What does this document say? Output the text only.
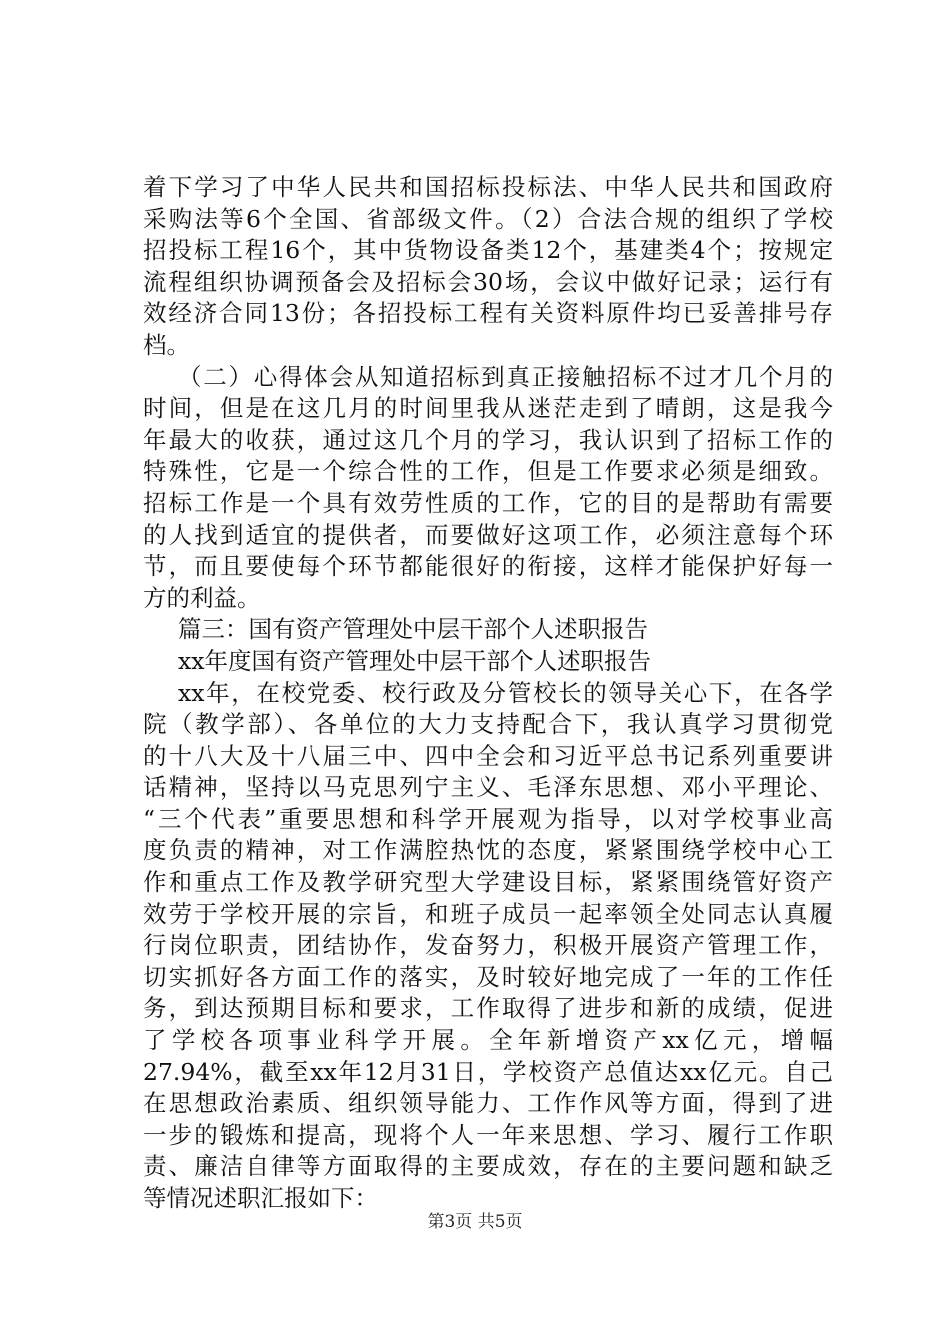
着下学习了中华人民共和国招标投标法、中华人民共和国政府
采购法等6个全国、省部级文件。（2）合法合规的组织了学校
招投标工程16个，其中货物设备类12个，基建类4个；按规定
流程组织协调预备会及招标会30场，会议中做好记录；运行有
效经济合同13份；各招投标工程有关资料原件均已妥善排号存
档。
（二）心得体会从知道招标到真正接触招标不过才几个月的
时间，但是在这几月的时间里我从迷茫走到了晴朗，这是我今
年最大的收获，通过这几个月的学习，我认识到了招标工作的
特殊性，它是一个综合性的工作，但是工作要求必须是细致。
招标工作是一个具有效劳性质的工作，它的目的是帮助有需要
的人找到适宜的提供者，而要做好这项工作，必须注意每个环
节，而且要使每个环节都能很好的衔接，这样才能保护好每一
方的利益。
篇三：国有资产管理处中层干部个人述职报告
xx年度国有资产管理处中层干部个人述职报告
xx年，在校党委、校行政及分管校长的领导关心下，在各学
院（教学部）、各单位的大力支持配合下，我认真学习贯彻党
的十八大及十八届三中、四中全会和习近平总书记系列重要讲
话精神，坚持以马克思列宁主义、毛泽东思想、邓小平理论、
“三个代表”重要思想和科学开展观为指导，以对学校事业高
度负责的精神，对工作满腔热忱的态度，紧紧围绕学校中心工
作和重点工作及教学研究型大学建设目标，紧紧围绕管好资产
效劳于学校开展的宗旨，和班子成员一起率领全处同志认真履
行岗位职责，团结协作，发奋努力，积极开展资产管理工作，
切实抓好各方面工作的落实，及时较好地完成了一年的工作任
务，到达预期目标和要求，工作取得了进步和新的成绩，促进
了学校各项事业科学开展。全年新增资产xx亿元，增幅
27.94%，截至xx年12月31日，学校资产总值达xx亿元。自己
在思想政治素质、组织领导能力、工作作风等方面，得到了进
一步的锻炼和提高，现将个人一年来思想、学习、履行工作职
责、廉洁自律等方面取得的主要成效，存在的主要问题和缺乏
等情况述职汇报如下：
第3页 共5页
